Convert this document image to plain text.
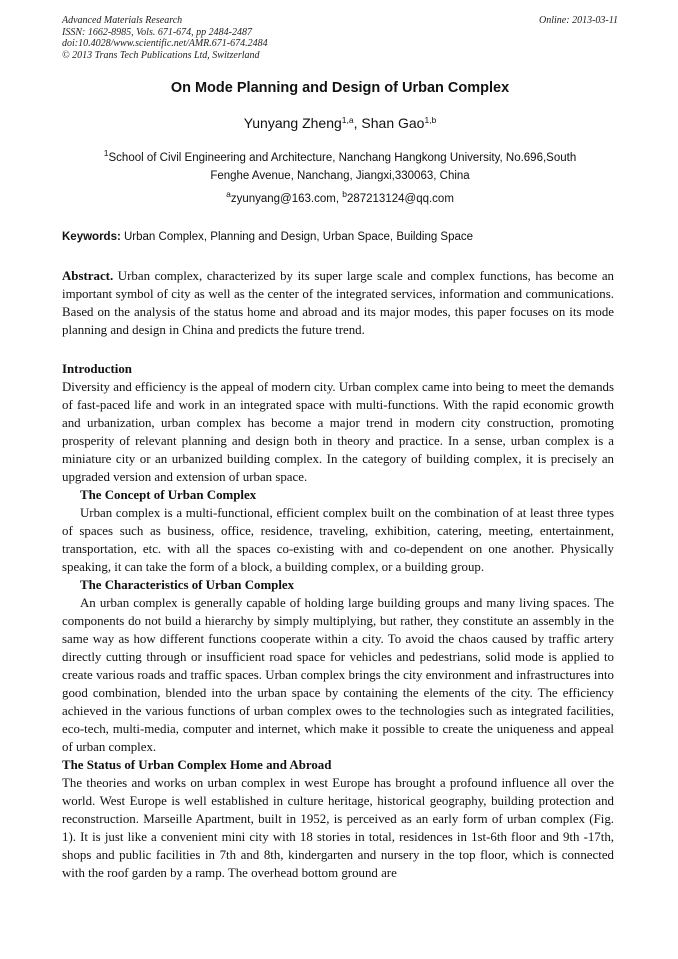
Advanced Materials Research
ISSN: 1662-8985, Vols. 671-674, pp 2484-2487
doi:10.4028/www.scientific.net/AMR.671-674.2484
© 2013 Trans Tech Publications Ltd, Switzerland
Online: 2013-03-11
On Mode Planning and Design of Urban Complex
Yunyang Zheng$^{1,a}$, Shan Gao$^{1,b}$
$^1$School of Civil Engineering and Architecture, Nanchang Hangkong University, No.696,South
Fenghe Avenue, Nanchang, Jiangxi,330063, China
$^a$zyunyang@163.com, $^b$287213124@qq.com
Keywords: Urban Complex, Planning and Design, Urban Space, Building Space

Abstract. Urban complex, characterized by its super large scale and complex functions, has become an important symbol of city as well as the center of the integrated services, information and communications. Based on the analysis of the status home and abroad and its major modes, this paper focuses on its mode planning and design in China and predicts the future trend.

Introduction

Diversity and efficiency is the appeal of modern city. Urban complex came into being to meet the demands of fast-paced life and work in an integrated space with multi-functions. With the rapid economic growth and urbanization, urban complex has become a major trend in modern city construction, promoting prosperity of relevant planning and design both in theory and practice. In a sense, urban complex is a miniature city or an urbanized building complex. In the category of building complex, it is precisely an upgraded version and extension of urban space.

The Concept of Urban Complex

Urban complex is a multi-functional, efficient complex built on the combination of at least three types of spaces such as business, office, residence, traveling, exhibition, catering, meeting, entertainment, transportation, etc. with all the spaces co-existing with and co-dependent on one another. Physically speaking, it can take the form of a block, a building complex, or a building group.

The Characteristics of Urban Complex

An urban complex is generally capable of holding large building groups and many living spaces. The components do not build a hierarchy by simply multiplying, but rather, they constitute an assembly in the same way as how different functions cooperate within a city. To avoid the chaos caused by traffic artery directly cutting through or insufficient road space for vehicles and pedestrians, solid mode is applied to create various roads and traffic spaces. Urban complex brings the city environment and infrastructures into good combination, blended into the urban space by containing the elements of the city. The efficiency achieved in the various functions of urban complex owes to the technologies such as integrated facilities, eco-tech, multi-media, computer and internet, which make it possible to create the uniqueness and appeal of urban complex.

The Status of Urban Complex Home and Abroad

The theories and works on urban complex in west Europe has brought a profound influence all over the world. West Europe is well established in culture heritage, historical geography, building protection and reconstruction. Marseille Apartment, built in 1952, is perceived as an early form of urban complex (Fig. 1). It is just like a convenient mini city with 18 stories in total, residences in 1st-6th floor and 9th -17th, shops and public facilities in 7th and 8th, kindergarten and nursery in the top floor, which is connected with the roof garden by a ramp. The overhead bottom ground are
